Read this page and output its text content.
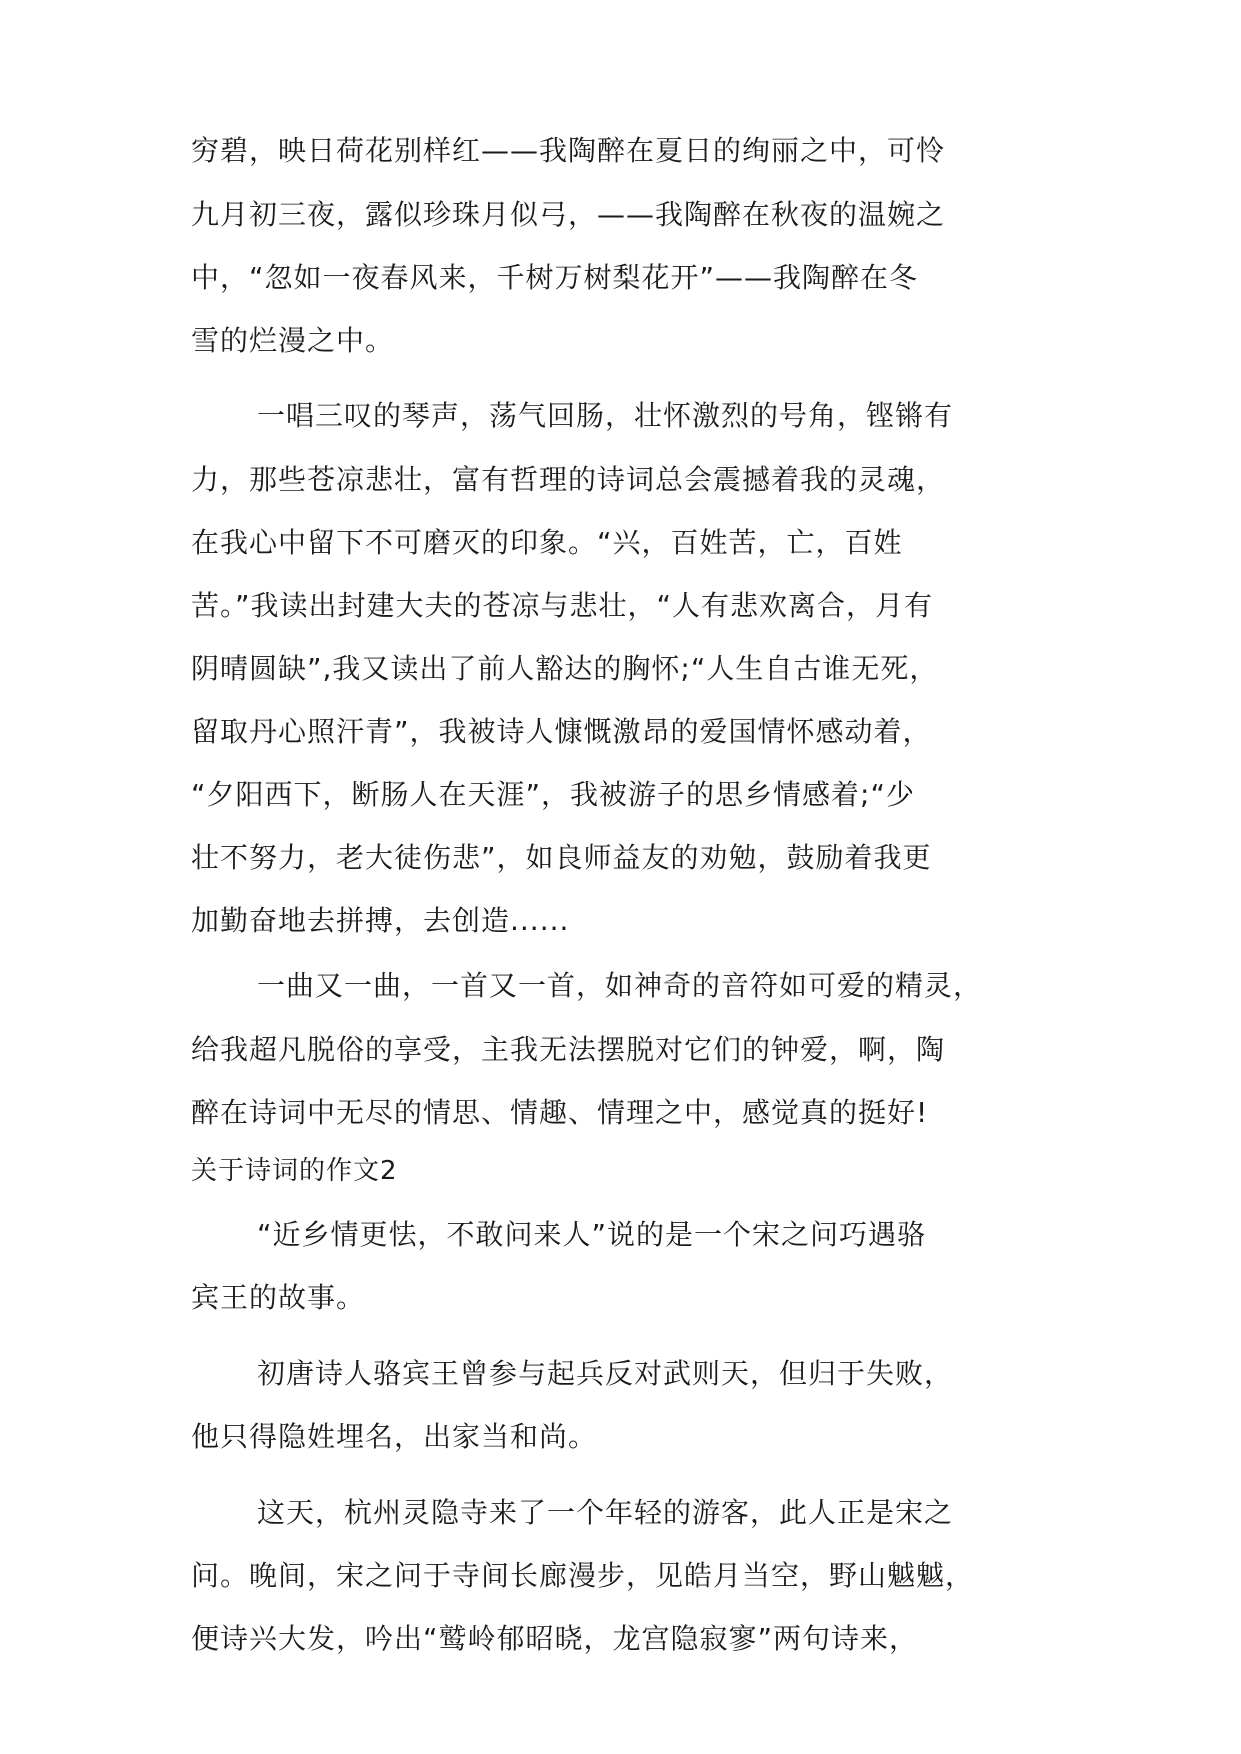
穷碧，映日荷花别样红——我陶醉在夏日的绚丽之中，可怜
九月初三夜，露似珍珠月似弓，——我陶醉在秋夜的温婉之
中，“忽如一夜春风来，千树万树梨花开”——我陶醉在冬
雪的烂漫之中。
一唱三叹的琴声，荡气回肠，壮怀激烈的号角，铿锵有
力，那些苍凉悲壮，富有哲理的诗词总会震撼着我的灵魂，
在我心中留下不可磨灭的印象。“兴，百姓苦，亡，百姓
苦。”我读出封建大夫的苍凉与悲壮，“人有悲欢离合，月有
阴晴圆缺”,我又读出了前人豁达的胸怀;“人生自古谁无死，
留取丹心照汗青”，我被诗人慷慨激昂的爱国情怀感动着，
“夕阳西下，断肠人在天涯”，我被游子的思乡情感着;“少
壮不努力，老大徒伤悲”，如良师益友的劝勉，鼓励着我更
加勤奋地去拼搏，去创造......
一曲又一曲，一首又一首，如神奇的音符如可爱的精灵，
给我超凡脱俗的享受，主我无法摆脱对它们的钟爱，啊，陶
醉在诗词中无尽的情思、情趣、情理之中，感觉真的挺好!
关于诗词的作文2
“近乡情更怯，不敢问来人”说的是一个宋之问巧遇骆
宾王的故事。
初唐诗人骆宾王曾参与起兵反对武则天，但归于失败，
他只得隐姓埋名，出家当和尚。
这天，杭州灵隐寺来了一个年轻的游客，此人正是宋之
问。晚间，宋之问于寺间长廊漫步，见皓月当空，野山魆魆，
便诗兴大发，吟出“鹫岭郁昭晓，龙宫隐寂寥”两句诗来，
